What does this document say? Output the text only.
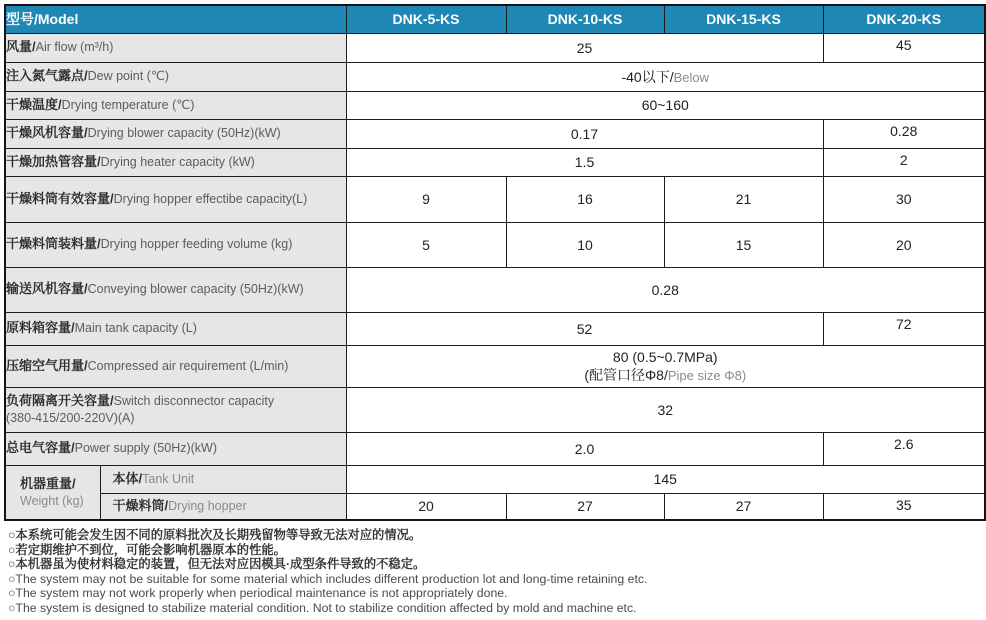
型号/Model		DNK-5-KS	DNK-10-KS	DNK-15-KS	DNK-20-KS
风量/Air flow (m³/h)		25			45
注入氮气露点/Dew point (℃)		-40以下/Below			
干燥温度/Drying temperature (℃)		60~160			
干燥风机容量/Drying blower capacity (50Hz)(kW)		0.17			0.28
干燥加热管容量/Drying heater capacity (kW)		1.5			2
干燥料筒有效容量/Drying hopper effectibe capacity(L)		9	16	21	30
干燥料筒装料量/Drying hopper feeding volume (kg)		5	10	15	20
输送风机容量/Conveying blower capacity (50Hz)(kW)		0.28			
原料箱容量/Main tank capacity (L)		52			72
压缩空气用量/Compressed air requirement (L/min)		80 (0.5~0.7MPa)
(配管口径Φ8/Pipe size Φ8)			

负荷隔离开关容量/Switch disconnector capacity
(380-415/200-220V)(A)		32			
总电气容量/Power supply (50Hz)(kW)		2.0			2.6

机器重量/
Weight (kg)	本体/Tank Unit	145			
	干燥料筒/Drying hopper	20	27	27	35
○本系统可能会发生因不同的原料批次及长期残留物等导致无法对应的情况。
○若定期维护不到位，可能会影响机器原本的性能。
○本机器虽为使材料稳定的装置，但无法对应因模具·成型条件导致的不稳定。
○The system may not be suitable for some material which includes different production lot and long-time retaining etc.
○The system may not work properly when periodical maintenance is not appropriately done.
○The system is designed to stabilize material condition. Not to stabilize condition affected by mold and machine etc.
